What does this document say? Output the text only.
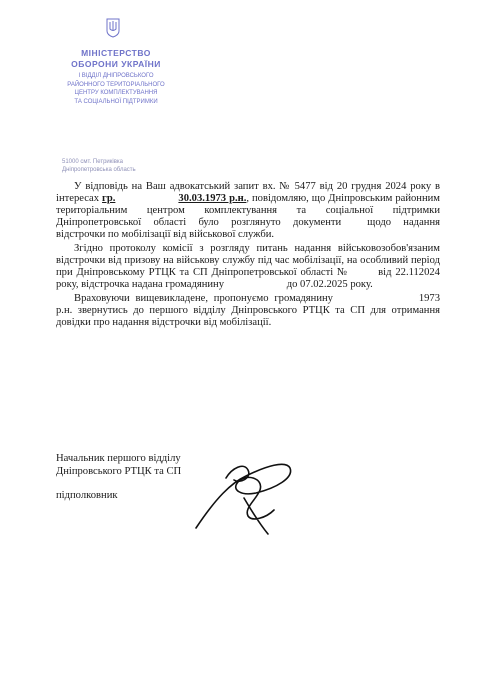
МІНІСТЕРСТВО
ОБОРОНИ УКРАЇНИ
І ВІДДІЛ ДНІПРОВСЬКОГО
РАЙОННОГО ТЕРИТОРІАЛЬНОГО
ЦЕНТРУ КОМПЛЕКТУВАННЯ
ТА СОЦІАЛЬНОЇ ПІДТРИМКИ
51000 смт. Петриківка
Дніпропетровська область

У відповідь на Ваш адвокатський запит вх. № 5477 від 20 грудня 2024 року в інтересах гр.	30.03.1973 р.н., повідомляю, що Дніпровським районним територіальним центром комплектування та соціальної підтримки Дніпропетровської області було розглянуто документи щодо надання відстрочки по мобілізації від військової служби.

Згідно протоколу комісії з розгляду питань надання військовозобов'язаним відстрочки від призову на військову службу під час мобілізації, на особливий період при Дніпровському РТЦК та СП Дніпропетровської області №	від 22.112024 року, відстрочка надана громадянину	до 07.02.2025 року.

Враховуючи вищевикладене, пропонуємо громадянину	1973 р.н. звернутись до першого відділу Дніпровського РТЦК та СП для отримання довідки про надання відстрочки від мобілізації.

Начальник першого відділу
Дніпровського РТЦК та СП
підполковник
